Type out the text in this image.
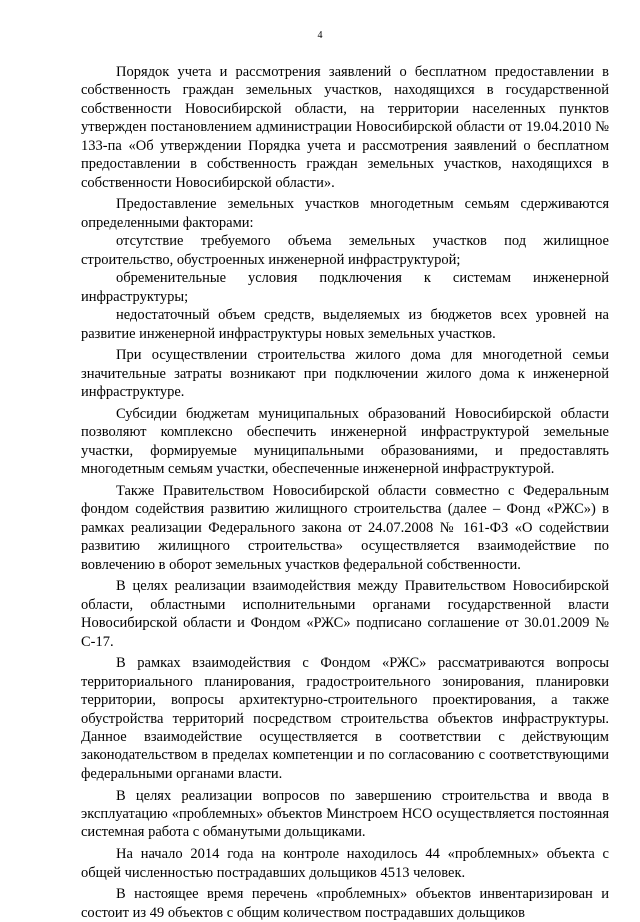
4

Порядок учета и рассмотрения заявлений о бесплатном предоставлении в собственность граждан земельных участков, находящихся в государственной собственности Новосибирской области, на территории населенных пунктов утвержден постановлением администрации Новосибирской области от 19.04.2010 № 133-па «Об утверждении Порядка учета и рассмотрения заявлений о бесплатном предоставлении в собственность граждан земельных участков, находящихся в собственности Новосибирской области».

Предоставление земельных участков многодетным семьям сдерживаются определенными факторами:

отсутствие требуемого объема земельных участков под жилищное строительство, обустроенных инженерной инфраструктурой;

обременительные условия подключения к системам инженерной инфраструктуры;

недостаточный объем средств, выделяемых из бюджетов всех уровней на развитие инженерной инфраструктуры новых земельных участков.

При осуществлении строительства жилого дома для многодетной семьи значительные затраты возникают при подключении жилого дома к инженерной инфраструктуре.

Субсидии бюджетам муниципальных образований Новосибирской области позволяют комплексно обеспечить инженерной инфраструктурой земельные участки, формируемые муниципальными образованиями, и предоставлять многодетным семьям участки, обеспеченные инженерной инфраструктурой.

Также Правительством Новосибирской области совместно с Федеральным фондом содействия развитию жилищного строительства (далее – Фонд «РЖС») в рамках реализации Федерального закона от 24.07.2008 № 161-ФЗ «О содействии развитию жилищного строительства» осуществляется взаимодействие по вовлечению в оборот земельных участков федеральной собственности.

В целях реализации взаимодействия между Правительством Новосибирской области, областными исполнительными органами государственной власти Новосибирской области и Фондом «РЖС» подписано соглашение от 30.01.2009 № С-17.

В рамках взаимодействия с Фондом «РЖС» рассматриваются вопросы территориального планирования, градостроительного зонирования, планировки территории, вопросы архитектурно-строительного проектирования, а также обустройства территорий посредством строительства объектов инфраструктуры. Данное взаимодействие осуществляется в соответствии с действующим законодательством в пределах компетенции и по согласованию с соответствующими федеральными органами власти.

В целях реализации вопросов по завершению строительства и ввода в эксплуатацию «проблемных» объектов Минстроем НСО осуществляется постоянная системная работа с обманутыми дольщиками.

На начало 2014 года на контроле находилось 44 «проблемных» объекта с общей численностью пострадавших дольщиков 4513 человек.

В настоящее время перечень «проблемных» объектов инвентаризирован и состоит из 49 объектов с общим количеством пострадавших дольщиков
